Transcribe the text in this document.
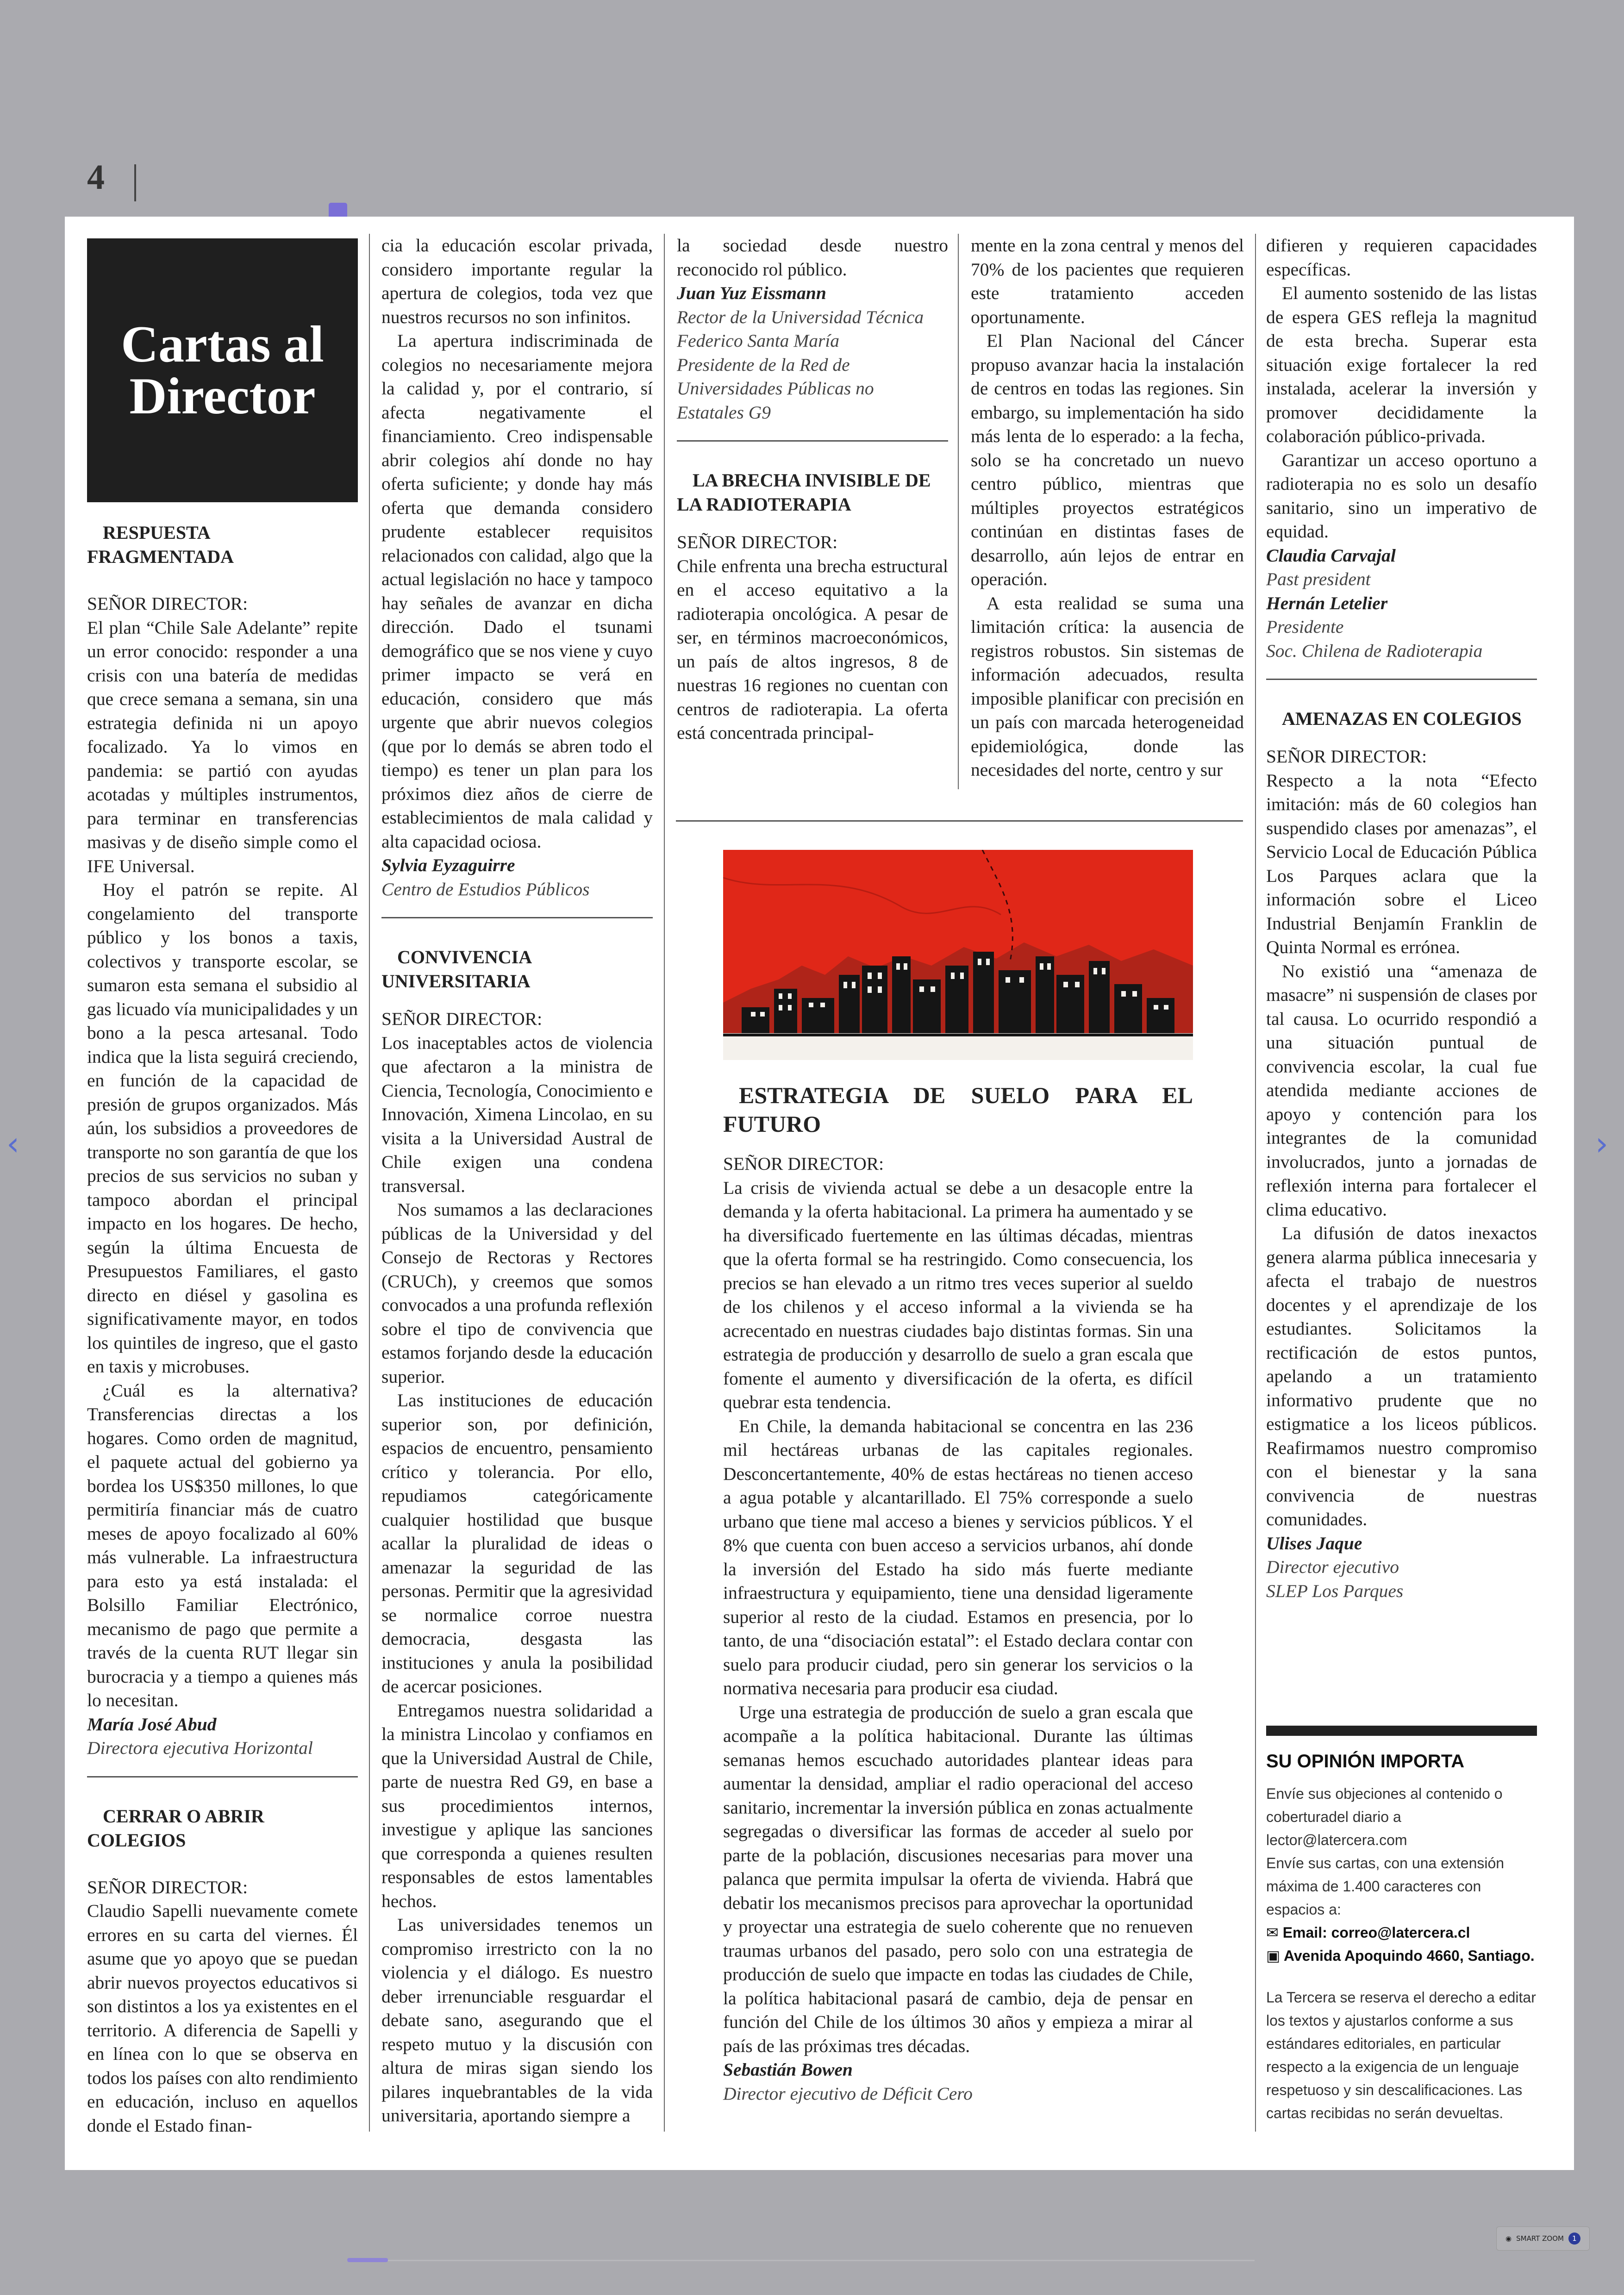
4
Cartas al
Director

RESPUESTA FRAGMENTADA

SEÑOR DIRECTOR:

El plan “Chile Sale Adelante” repite un error conocido: responder a una crisis con una batería de medidas que crece semana a semana, sin una estrategia definida ni un apoyo focalizado. Ya lo vimos en pandemia: se partió con ayudas acotadas y múltiples instrumentos, para terminar en transferencias masivas y de diseño simple como el IFE Universal.

Hoy el patrón se repite. Al congelamiento del transporte público y los bonos a taxis, colectivos y transporte escolar, se sumaron esta semana el subsidio al gas licuado vía municipalidades y un bono a la pesca artesanal. Todo indica que la lista seguirá creciendo, en función de la capacidad de presión de grupos organizados. Más aún, los subsidios a proveedores de transporte no son garantía de que los precios de sus servicios no suban y tampoco abordan el principal impacto en los hogares. De hecho, según la última Encuesta de Presupuestos Familiares, el gasto directo en diésel y gasolina es significativamente mayor, en todos los quintiles de ingreso, que el gasto en taxis y microbuses.

¿Cuál es la alternativa? Transferencias directas a los hogares. Como orden de magnitud, el paquete actual del gobierno ya bordea los US$350 millones, lo que permitiría financiar más de cuatro meses de apoyo focalizado al 60% más vulnerable. La infraestructura para esto ya está instalada: el Bolsillo Familiar Electrónico, mecanismo de pago que permite a través de la cuenta RUT llegar sin burocracia y a tiempo a quienes más lo necesitan.

María José Abud

Directora ejecutiva Horizontal

CERRAR O ABRIR COLEGIOS

SEÑOR DIRECTOR:

Claudio Sapelli nuevamente comete errores en su carta del viernes. Él asume que yo apoyo que se puedan abrir nuevos proyectos educativos si son distintos a los ya existentes en el territorio. A diferencia de Sapelli y en línea con lo que se observa en todos los países con alto rendimiento en educación, incluso en aquellos donde el Estado finan-

cia la educación escolar privada, considero importante regular la apertura de colegios, toda vez que nuestros recursos no son infinitos.

La apertura indiscriminada de colegios no necesariamente mejora la calidad y, por el contrario, sí afecta negativamente el financiamiento. Creo indispensable abrir colegios ahí donde no hay oferta suficiente; y donde hay más oferta que demanda considero prudente establecer requisitos relacionados con calidad, algo que la actual legislación no hace y tampoco hay señales de avanzar en dicha dirección. Dado el tsunami demográfico que se nos viene y cuyo primer impacto se verá en educación, considero que más urgente que abrir nuevos colegios (que por lo demás se abren todo el tiempo) es tener un plan para los próximos diez años de cierre de establecimientos de mala calidad y alta capacidad ociosa.

Sylvia Eyzaguirre

Centro de Estudios Públicos

CONVIVENCIA UNIVERSITARIA

SEÑOR DIRECTOR:

Los inaceptables actos de violencia que afectaron a la ministra de Ciencia, Tecnología, Conocimiento e Innovación, Ximena Lincolao, en su visita a la Universidad Austral de Chile exigen una condena transversal.

Nos sumamos a las declaraciones públicas de la Universidad y del Consejo de Rectoras y Rectores (CRUCh), y creemos que somos convocados a una profunda reflexión sobre el tipo de convivencia que estamos forjando desde la educación superior.

Las instituciones de educación superior son, por definición, espacios de encuentro, pensamiento crítico y tolerancia. Por ello, repudiamos categóricamente cualquier hostilidad que busque acallar la pluralidad de ideas o amenazar la seguridad de las personas. Permitir que la agresividad se normalice corroe nuestra democracia, desgasta las instituciones y anula la posibilidad de acercar posiciones.

Entregamos nuestra solidaridad a la ministra Lincolao y confiamos en que la Universidad Austral de Chile, parte de nuestra Red G9, en base a sus procedimientos internos, investigue y aplique las sanciones que corresponda a quienes resulten responsables de estos lamentables hechos.

Las universidades tenemos un compromiso irrestricto con la no violencia y el diálogo. Es nuestro deber irrenunciable resguardar el debate sano, asegurando que el respeto mutuo y la discusión con altura de miras sigan siendo los pilares inquebrantables de la vida universitaria, aportando siempre a

la sociedad desde nuestro reconocido rol público.

Juan Yuz Eissmann

Rector de la Universidad Técnica

Federico Santa María

Presidente de la Red de

Universidades Públicas no

Estatales G9

LA BRECHA INVISIBLE DE LA RADIOTERAPIA

SEÑOR DIRECTOR:

Chile enfrenta una brecha estructural en el acceso equitativo a la radioterapia oncológica. A pesar de ser, en términos macroeconómicos, un país de altos ingresos, 8 de nuestras 16 regiones no cuentan con centros de radioterapia. La oferta está concentrada principal-

mente en la zona central y menos del 70% de los pacientes que requieren este tratamiento acceden oportunamente.

El Plan Nacional del Cáncer propuso avanzar hacia la instalación de centros en todas las regiones. Sin embargo, su implementación ha sido más lenta de lo esperado: a la fecha, solo se ha concretado un nuevo centro público, mientras que múltiples proyectos estratégicos continúan en distintas fases de desarrollo, aún lejos de entrar en operación.

A esta realidad se suma una limitación crítica: la ausencia de registros robustos. Sin sistemas de información adecuados, resulta imposible planificar con precisión en un país con marcada heterogeneidad epidemiológica, donde las necesidades del norte, centro y sur

ESTRATEGIA DE SUELO PARA EL FUTURO

SEÑOR DIRECTOR:

La crisis de vivienda actual se debe a un desacople entre la demanda y la oferta habitacional. La primera ha aumentado y se ha diversificado fuertemente en las últimas décadas, mientras que la oferta formal se ha restringido. Como consecuencia, los precios se han elevado a un ritmo tres veces superior al sueldo de los chilenos y el acceso informal a la vivienda se ha acrecentado en nuestras ciudades bajo distintas formas. Sin una estrategia de producción y desarrollo de suelo a gran escala que fomente el aumento y diversificación de la oferta, es difícil quebrar esta tendencia.

En Chile, la demanda habitacional se concentra en las 236 mil hectáreas urbanas de las capitales regionales. Desconcertantemente, 40% de estas hectáreas no tienen acceso a agua potable y alcantarillado. El 75% corresponde a suelo urbano que tiene mal acceso a bienes y servicios públicos. Y el 8% que cuenta con buen acceso a servicios urbanos, ahí donde la inversión del Estado ha sido más fuerte mediante infraestructura y equipamiento, tiene una densidad ligeramente superior al resto de la ciudad. Estamos en presencia, por lo tanto, de una “disociación estatal”: el Estado declara contar con suelo para producir ciudad, pero sin generar los servicios o la normativa necesaria para producir esa ciudad.

Urge una estrategia de producción de suelo a gran escala que acompañe a la política habitacional. Durante las últimas semanas hemos escuchado autoridades plantear ideas para aumentar la densidad, ampliar el radio operacional del acceso sanitario, incrementar la inversión pública en zonas actualmente segregadas o diversificar las formas de acceder al suelo por parte de la población, discusiones necesarias para mover una palanca que permita impulsar la oferta de vivienda. Habrá que debatir los mecanismos precisos para aprovechar la oportunidad y proyectar una estrategia de suelo coherente que no renueven traumas urbanos del pasado, pero solo con una estrategia de producción de suelo que impacte en todas las ciudades de Chile, la política habitacional pasará de cambio, deja de pensar en función del Chile de los últimos 30 años y empieza a mirar al país de las próximas tres décadas.

Sebastián Bowen

Director ejecutivo de Déficit Cero

difieren y requieren capacidades específicas.

El aumento sostenido de las listas de espera GES refleja la magnitud de esta brecha. Superar esta situación exige fortalecer la red instalada, acelerar la inversión y promover decididamente la colaboración público-privada.

Garantizar un acceso oportuno a radioterapia no es solo un desafío sanitario, sino un imperativo de equidad.

Claudia Carvajal

Past president

Hernán Letelier

Presidente

Soc. Chilena de Radioterapia

AMENAZAS EN COLEGIOS

SEÑOR DIRECTOR:

Respecto a la nota “Efecto imitación: más de 60 colegios han suspendido clases por amenazas”, el Servicio Local de Educación Pública Los Parques aclara que la información sobre el Liceo Industrial Benjamín Franklin de Quinta Normal es errónea.

No existió una “amenaza de masacre” ni suspensión de clases por tal causa. Lo ocurrido respondió a una situación puntual de convivencia escolar, la cual fue atendida mediante acciones de apoyo y contención para los integrantes de la comunidad involucrados, junto a jornadas de reflexión interna para fortalecer el clima educativo.

La difusión de datos inexactos genera alarma pública innecesaria y afecta el trabajo de nuestros docentes y el aprendizaje de los estudiantes. Solicitamos la rectificación de estos puntos, apelando a un tratamiento informativo prudente que no estigmatice a los liceos públicos. Reafirmamos nuestro compromiso con el bienestar y la sana convivencia de nuestras comunidades.

Ulises Jaque

Director ejecutivo

SLEP Los Parques

SU OPINIÓN IMPORTA
Envíe sus objeciones al contenido o
coberturadel diario a
lector@latercera.com
Envíe sus cartas, con una extensión
máxima de 1.400 caracteres con
espacios a:
✉ Email: correo@latercera.cl
▣ Avenida Apoquindo 4660, Santiago.

La Tercera se reserva el derecho a editar los textos y ajustarlos conforme a sus estándares editoriales, en particular respecto a la exigencia de un lenguaje respetuoso y sin descalificaciones. Las cartas recibidas no serán devueltas.

‹	›
◉ SMART ZOOM	1
